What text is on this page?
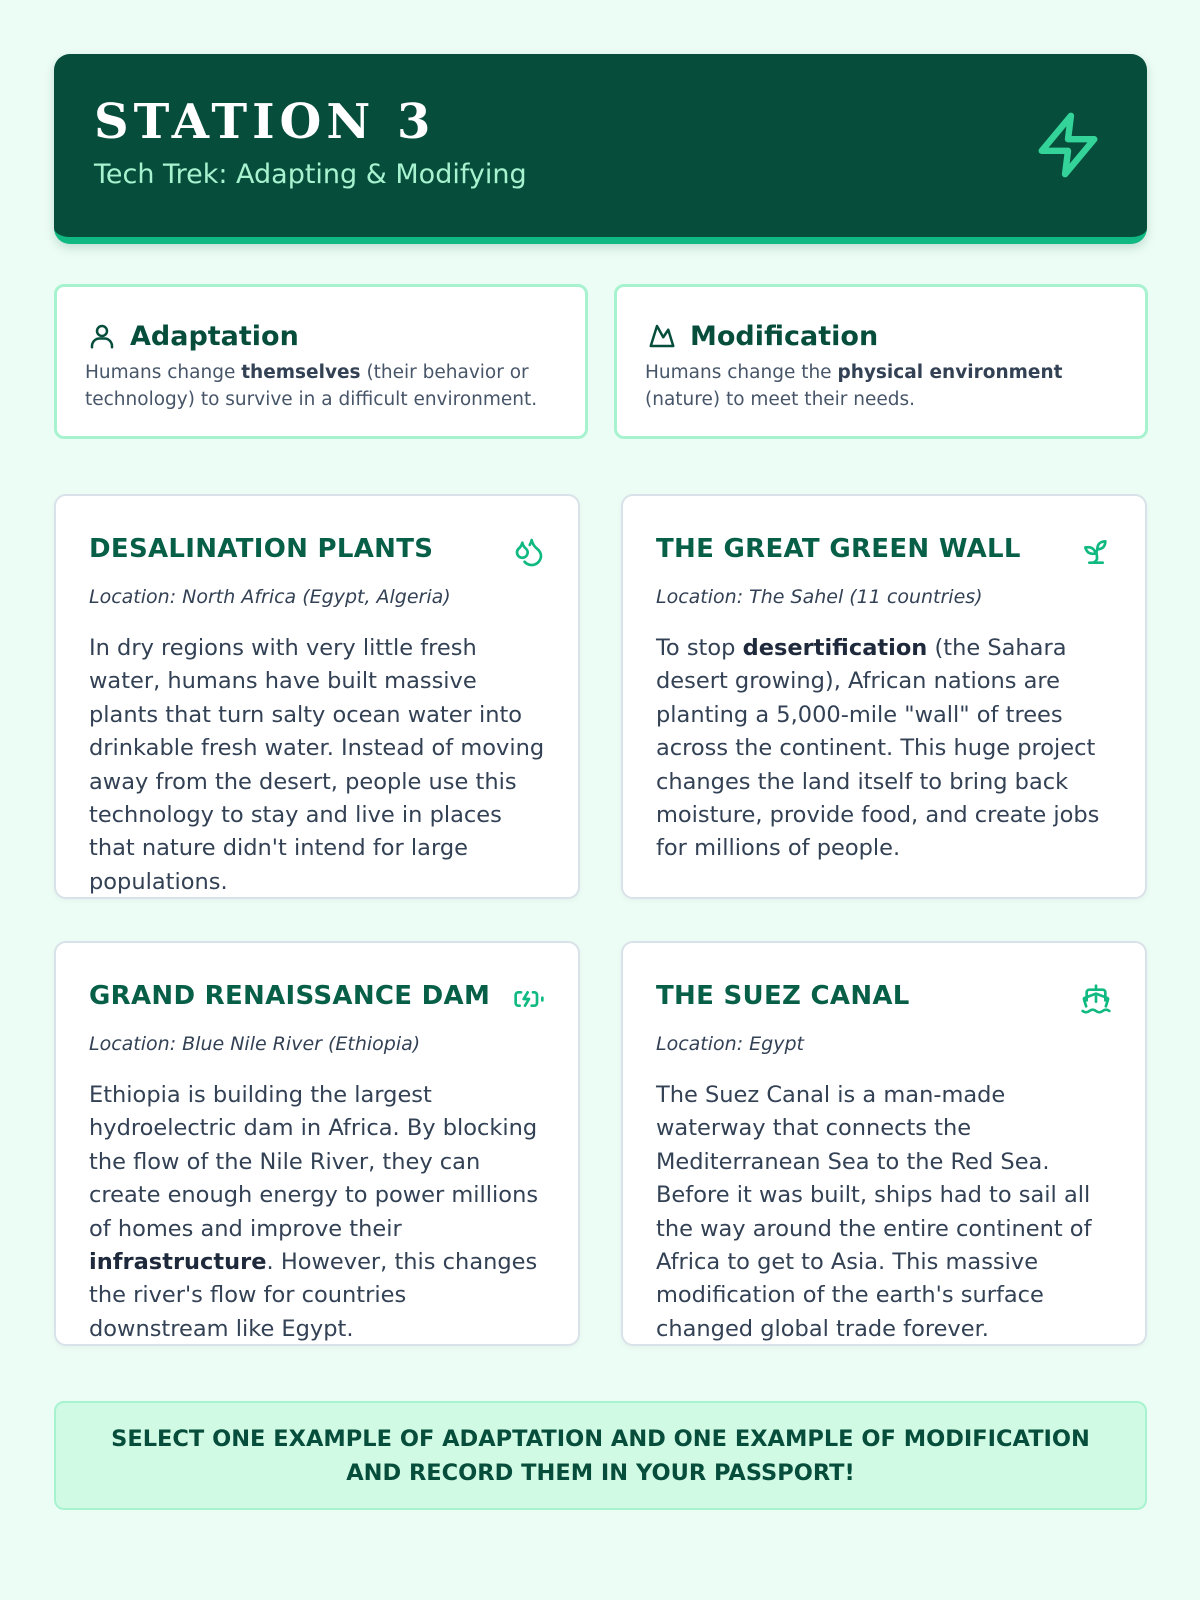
STATION 3
Tech Trek: Adapting & Modifying
Adaptation
Humans change themselves (their behavior or technology) to survive in a difficult environment.
Modification
Humans change the physical environment (nature) to meet their needs.
DESALINATION PLANTS
Location: North Africa (Egypt, Algeria)
In dry regions with very little fresh water, humans have built massive plants that turn salty ocean water into drinkable fresh water. Instead of moving away from the desert, people use this technology to stay and live in places that nature didn't intend for large populations.
THE GREAT GREEN WALL
Location: The Sahel (11 countries)
To stop desertification (the Sahara desert growing), African nations are planting a 5,000-mile "wall" of trees across the continent. This huge project changes the land itself to bring back moisture, provide food, and create jobs for millions of people.
GRAND RENAISSANCE DAM
Location: Blue Nile River (Ethiopia)
Ethiopia is building the largest hydroelectric dam in Africa. By blocking the flow of the Nile River, they can create enough energy to power millions of homes and improve their infrastructure. However, this changes the river's flow for countries downstream like Egypt.
THE SUEZ CANAL
Location: Egypt
The Suez Canal is a man-made waterway that connects the Mediterranean Sea to the Red Sea. Before it was built, ships had to sail all the way around the entire continent of Africa to get to Asia. This massive modification of the earth's surface changed global trade forever.
SELECT ONE EXAMPLE OF ADAPTATION AND ONE EXAMPLE OF MODIFICATION AND RECORD THEM IN YOUR PASSPORT!
